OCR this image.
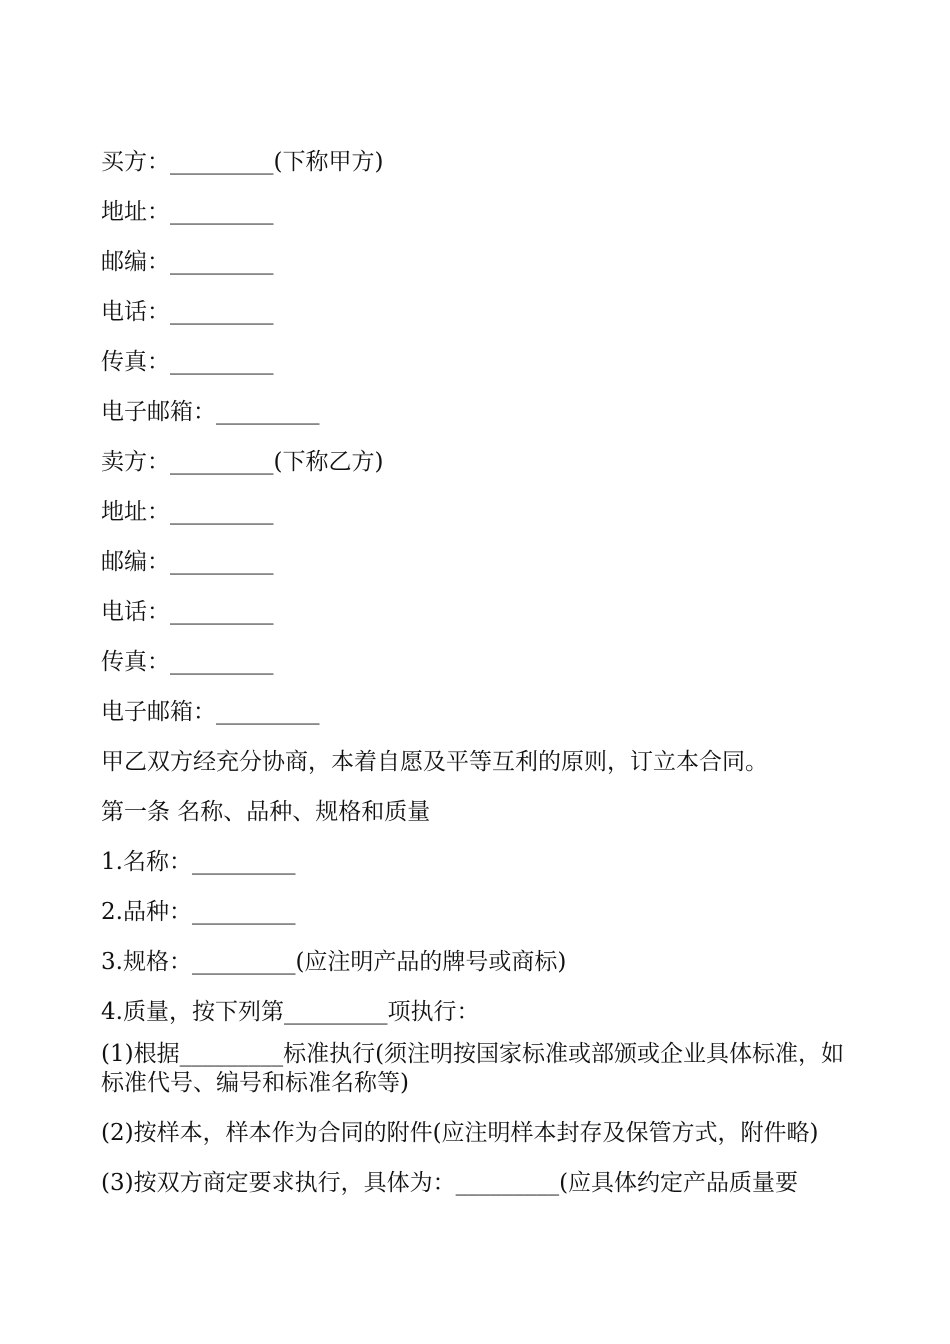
买方：_________(下称甲方)
地址：_________
邮编：_________
电话：_________
传真：_________
电子邮箱：_________
卖方：_________(下称乙方)
地址：_________
邮编：_________
电话：_________
传真：_________
电子邮箱：_________
甲乙双方经充分协商，本着自愿及平等互利的原则，订立本合同。
第一条 名称、品种、规格和质量
1.名称：_________
2.品种：_________
3.规格：_________(应注明产品的牌号或商标)
4.质量，按下列第_________项执行：
(1)根据_________标准执行(须注明按国家标准或部颁或企业具体标准，如标准代号、编号和标准名称等)
(2)按样本，样本作为合同的附件(应注明样本封存及保管方式，附件略)
(3)按双方商定要求执行，具体为：_________(应具体约定产品质量要
